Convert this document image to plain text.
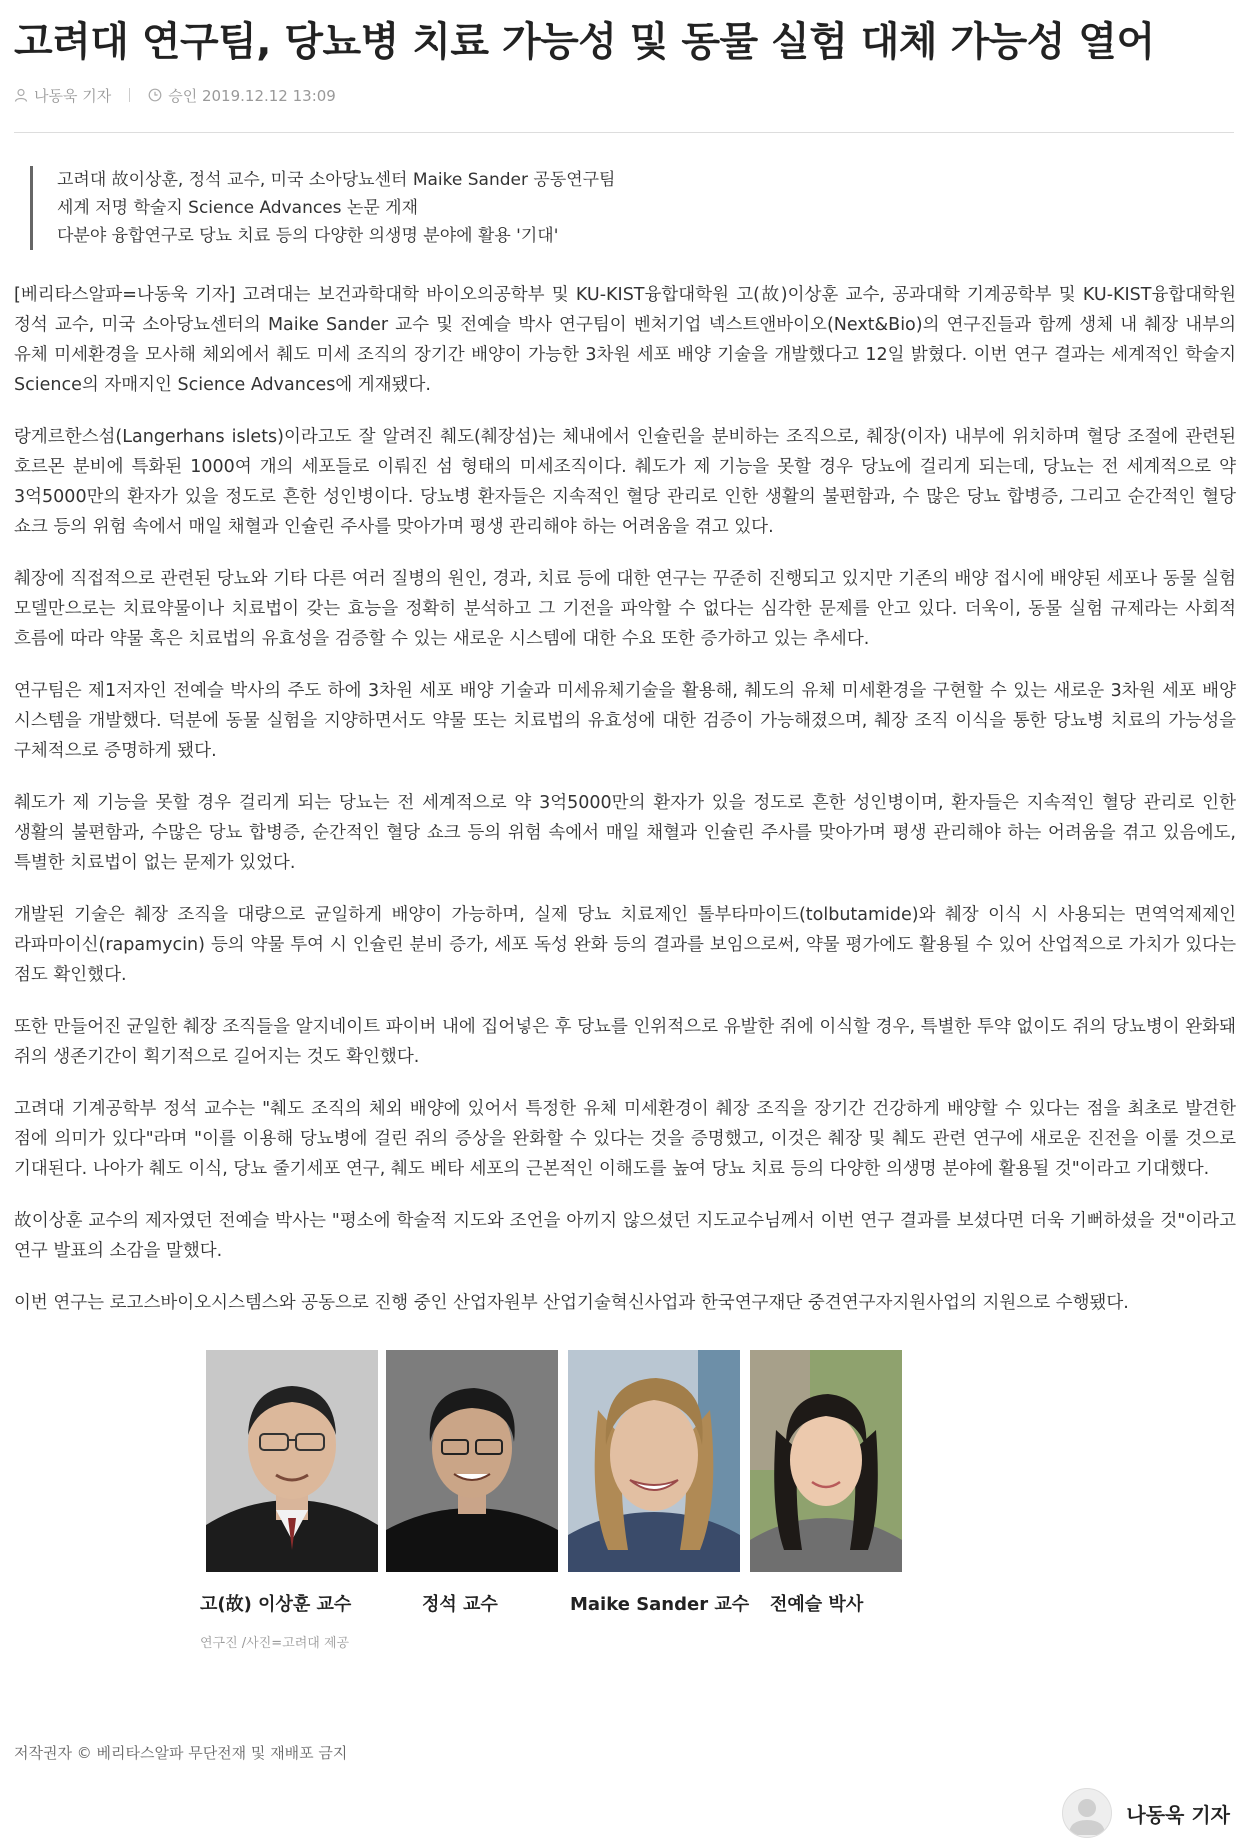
고려대 연구팀, 당뇨병 치료 가능성 및 동물 실험 대체 가능성 열어
나동욱 기자	승인 2019.12.12 13:09
고려대 故이상훈, 정석 교수, 미국 소아당뇨센터 Maike Sander 공동연구팀
세계 저명 학술지 Science Advances 논문 게재
다분야 융합연구로 당뇨 치료 등의 다양한 의생명 분야에 활용 '기대'

[베리타스알파=나동욱 기자] 고려대는 보건과학대학 바이오의공학부 및 KU-KIST융합대학원 고(故)이상훈 교수, 공과대학 기계공학부 및 KU-KIST융합대학원 정석 교수, 미국 소아당뇨센터의 Maike Sander 교수 및 전예슬 박사 연구팀이 벤처기업 넥스트앤바이오(Next&Bio)의 연구진들과 함께 생체 내 췌장 내부의 유체 미세환경을 모사해 체외에서 췌도 미세 조직의 장기간 배양이 가능한 3차원 세포 배양 기술을 개발했다고 12일 밝혔다. 이번 연구 결과는 세계적인 학술지 Science의 자매지인 Science Advances에 게재됐다.

랑게르한스섬(Langerhans islets)이라고도 잘 알려진 췌도(췌장섬)는 체내에서 인슐린을 분비하는 조직으로, 췌장(이자) 내부에 위치하며 혈당 조절에 관련된 호르몬 분비에 특화된 1000여 개의 세포들로 이뤄진 섬 형태의 미세조직이다. 췌도가 제 기능을 못할 경우 당뇨에 걸리게 되는데, 당뇨는 전 세계적으로 약 3억5000만의 환자가 있을 정도로 흔한 성인병이다. 당뇨병 환자들은 지속적인 혈당 관리로 인한 생활의 불편함과, 수 많은 당뇨 합병증, 그리고 순간적인 혈당 쇼크 등의 위험 속에서 매일 채혈과 인슐린 주사를 맞아가며 평생 관리해야 하는 어려움을 겪고 있다.

췌장에 직접적으로 관련된 당뇨와 기타 다른 여러 질병의 원인, 경과, 치료 등에 대한 연구는 꾸준히 진행되고 있지만 기존의 배양 접시에 배양된 세포나 동물 실험 모델만으로는 치료약물이나 치료법이 갖는 효능을 정확히 분석하고 그 기전을 파악할 수 없다는 심각한 문제를 안고 있다. 더욱이, 동물 실험 규제라는 사회적 흐름에 따라 약물 혹은 치료법의 유효성을 검증할 수 있는 새로운 시스템에 대한 수요 또한 증가하고 있는 추세다.

연구팀은 제1저자인 전예슬 박사의 주도 하에 3차원 세포 배양 기술과 미세유체기술을 활용해, 췌도의 유체 미세환경을 구현할 수 있는 새로운 3차원 세포 배양 시스템을 개발했다. 덕분에 동물 실험을 지양하면서도 약물 또는 치료법의 유효성에 대한 검증이 가능해졌으며, 췌장 조직 이식을 통한 당뇨병 치료의 가능성을 구체적으로 증명하게 됐다.

췌도가 제 기능을 못할 경우 걸리게 되는 당뇨는 전 세계적으로 약 3억5000만의 환자가 있을 정도로 흔한 성인병이며, 환자들은 지속적인 혈당 관리로 인한 생활의 불편함과, 수많은 당뇨 합병증, 순간적인 혈당 쇼크 등의 위험 속에서 매일 채혈과 인슐린 주사를 맞아가며 평생 관리해야 하는 어려움을 겪고 있음에도, 특별한 치료법이 없는 문제가 있었다.

개발된 기술은 췌장 조직을 대량으로 균일하게 배양이 가능하며, 실제 당뇨 치료제인 톨부타마이드(tolbutamide)와 췌장 이식 시 사용되는 면역억제제인 라파마이신(rapamycin) 등의 약물 투여 시 인슐린 분비 증가, 세포 독성 완화 등의 결과를 보임으로써, 약물 평가에도 활용될 수 있어 산업적으로 가치가 있다는 점도 확인했다.

또한 만들어진 균일한 췌장 조직들을 알지네이트 파이버 내에 집어넣은 후 당뇨를 인위적으로 유발한 쥐에 이식할 경우, 특별한 투약 없이도 쥐의 당뇨병이 완화돼 쥐의 생존기간이 획기적으로 길어지는 것도 확인했다.

고려대 기계공학부 정석 교수는 "췌도 조직의 체외 배양에 있어서 특정한 유체 미세환경이 췌장 조직을 장기간 건강하게 배양할 수 있다는 점을 최초로 발견한 점에 의미가 있다"라며 "이를 이용해 당뇨병에 걸린 쥐의 증상을 완화할 수 있다는 것을 증명했고, 이것은 췌장 및 췌도 관련 연구에 새로운 진전을 이룰 것으로 기대된다. 나아가 췌도 이식, 당뇨 줄기세포 연구, 췌도 베타 세포의 근본적인 이해도를 높여 당뇨 치료 등의 다양한 의생명 분야에 활용될 것"이라고 기대했다.

故이상훈 교수의 제자였던 전예슬 박사는 "평소에 학술적 지도와 조언을 아끼지 않으셨던 지도교수님께서 이번 연구 결과를 보셨다면 더욱 기뻐하셨을 것"이라고 연구 발표의 소감을 말했다.

이번 연구는 로고스바이오시스템스와 공동으로 진행 중인 산업자원부 산업기술혁신사업과 한국연구재단 중견연구자지원사업의 지원으로 수행됐다.

고(故) 이상훈 교수	정석 교수	Maike Sander 교수 전예슬 박사
연구진 /사진=고려대 제공
저작권자 © 베리타스알파 무단전재 및 재배포 금지
나동욱 기자
